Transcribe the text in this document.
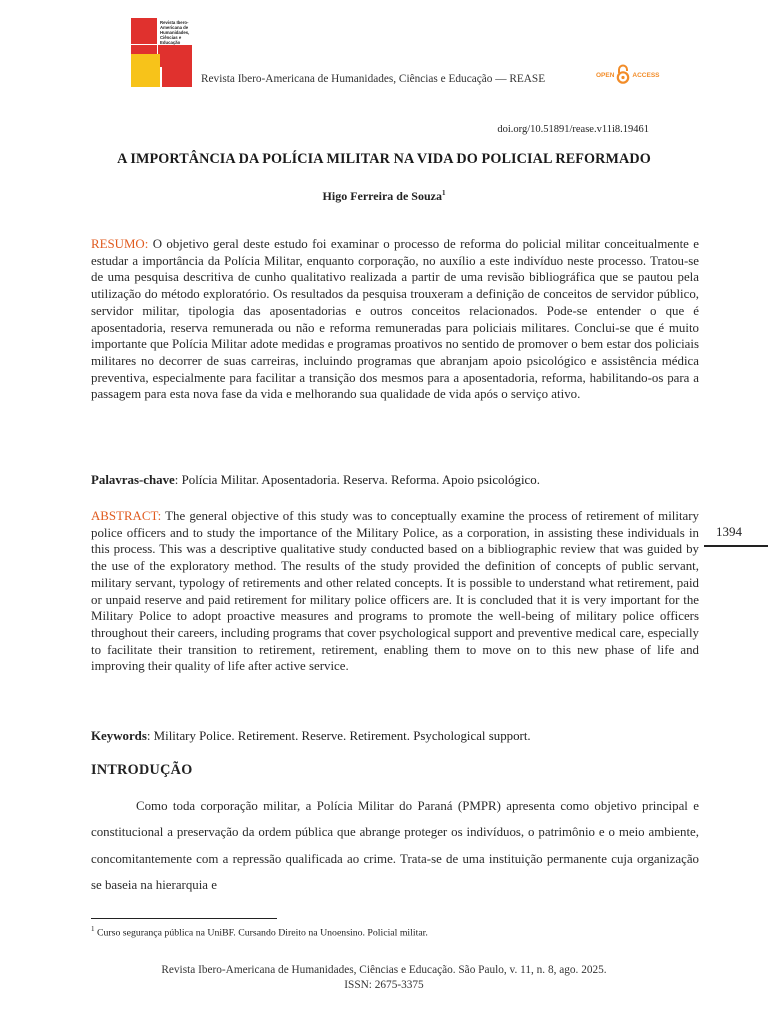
Revista Ibero-
Americana de
Humanidades,
Ciências e
Educação
Revista Ibero-Americana de Humanidades, Ciências e Educação — REASE	OPEN	ACCESS
doi.org/10.51891/rease.v11i8.19461
A IMPORTÂNCIA DA POLÍCIA MILITAR NA VIDA DO POLICIAL REFORMADO
Higo Ferreira de Souza$^1$
RESUMO: O objetivo geral deste estudo foi examinar o processo de reforma do policial militar conceitualmente e estudar a importância da Polícia Militar, enquanto corporação, no auxílio a este indivíduo neste processo. Tratou-se de uma pesquisa descritiva de cunho qualitativo realizada a partir de uma revisão bibliográfica que se pautou pela utilização do método exploratório. Os resultados da pesquisa trouxeram a definição de conceitos de servidor público, servidor militar, tipologia das aposentadorias e outros conceitos relacionados. Pode-se entender o que é aposentadoria, reserva remunerada ou não e reforma remuneradas para policiais militares. Conclui-se que é muito importante que Polícia Militar adote medidas e programas proativos no sentido de promover o bem estar dos policiais militares no decorrer de suas carreiras, incluindo programas que abranjam apoio psicológico e assistência médica preventiva, especialmente para facilitar a transição dos mesmos para a aposentadoria, reforma, habilitando-os para a passagem para esta nova fase da vida e melhorando sua qualidade de vida após o serviço ativo.
Palavras-chave: Polícia Militar. Aposentadoria. Reserva. Reforma. Apoio psicológico.
ABSTRACT: The general objective of this study was to conceptually examine the process of retirement of military police officers and to study the importance of the Military Police, as a corporation, in assisting these individuals in this process. This was a descriptive qualitative study conducted based on a bibliographic review that was guided by the use of the exploratory method. The results of the study provided the definition of concepts of public servant, military servant, typology of retirements and other related concepts. It is possible to understand what retirement, paid or unpaid reserve and paid retirement for military police officers are. It is concluded that it is very important for the Military Police to adopt proactive measures and programs to promote the well-being of military police officers throughout their careers, including programs that cover psychological support and preventive medical care, especially to facilitate their transition to retirement, retirement, enabling them to move on to this new phase of life and improving their quality of life after active service.
1394
Keywords: Military Police. Retirement. Reserve. Retirement. Psychological support.
INTRODUÇÃO
Como toda corporação militar, a Polícia Militar do Paraná (PMPR) apresenta como objetivo principal e constitucional a preservação da ordem pública que abrange proteger os indivíduos, o patrimônio e o meio ambiente, concomitantemente com a repressão qualificada ao crime. Trata-se de uma instituição permanente cuja organização se baseia na hierarquia e
$^1$ Curso segurança pública na UniBF. Cursando Direito na Unoensino. Policial militar.
Revista Ibero-Americana de Humanidades, Ciências e Educação. São Paulo, v. 11, n. 8, ago. 2025.
ISSN: 2675-3375
